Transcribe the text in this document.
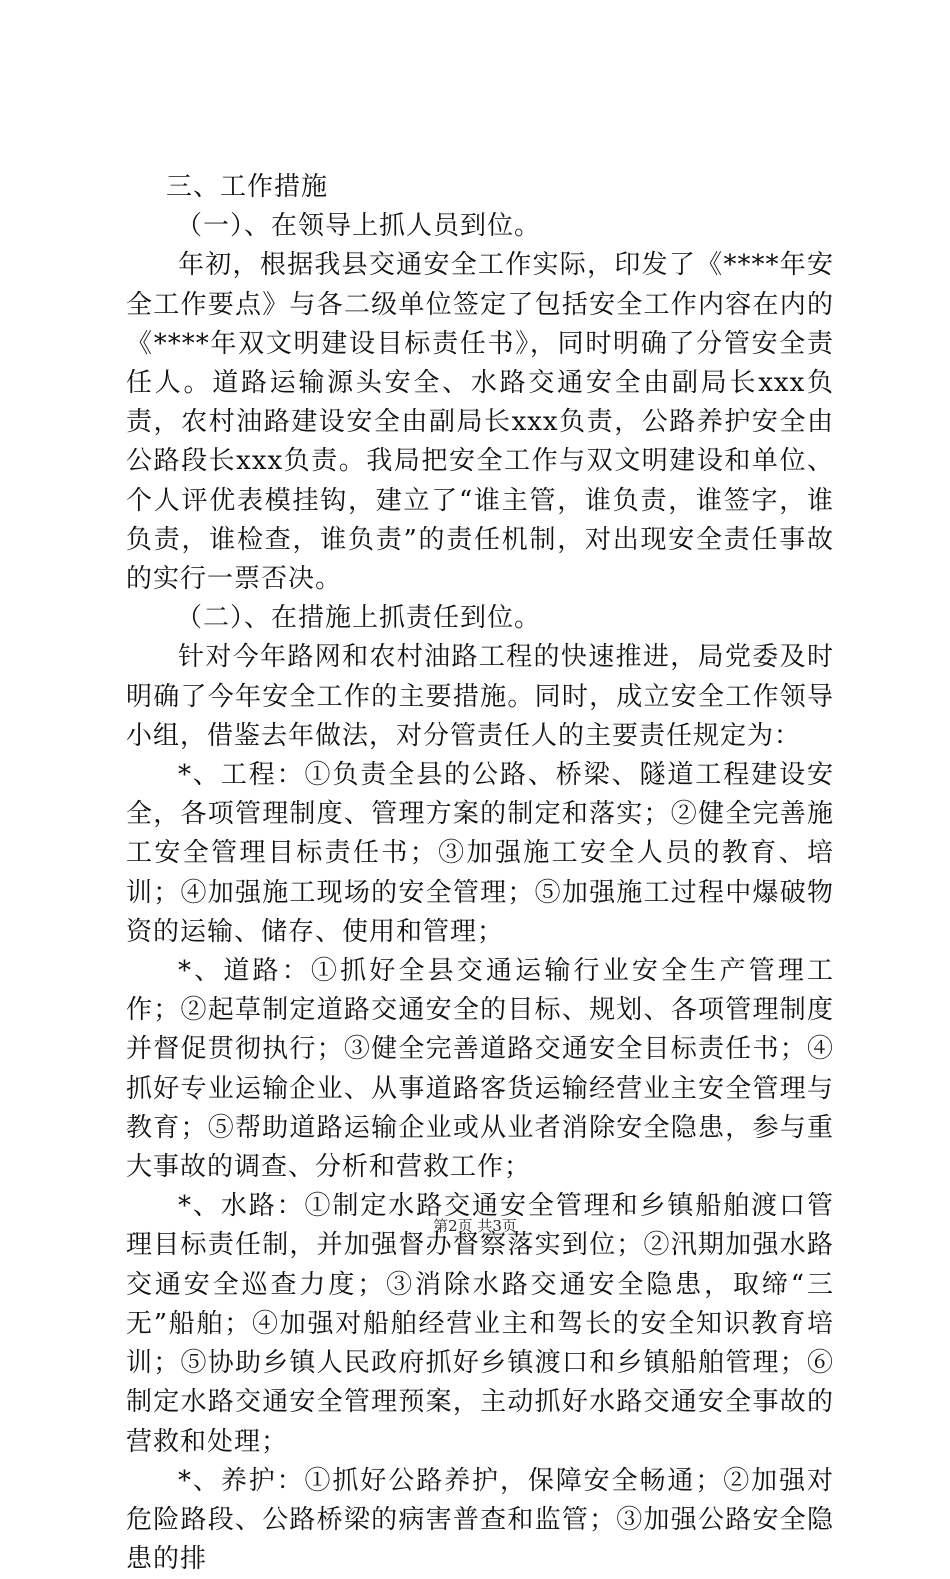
三、工作措施

（一）、在领导上抓人员到位。

年初，根据我县交通安全工作实际，印发了《****年安全工作要点》与各二级单位签定了包括安全工作内容在内的《****年双文明建设目标责任书》，同时明确了分管安全责任人。道路运输源头安全、水路交通安全由副局长xxx负责，农村油路建设安全由副局长xxx负责，公路养护安全由公路段长xxx负责。我局把安全工作与双文明建设和单位、个人评优表模挂钩，建立了“谁主管，谁负责，谁签字，谁负责，谁检查，谁负责”的责任机制，对出现安全责任事故的实行一票否决。

（二）、在措施上抓责任到位。

针对今年路网和农村油路工程的快速推进，局党委及时明确了今年安全工作的主要措施。同时，成立安全工作领导小组，借鉴去年做法，对分管责任人的主要责任规定为：

*、工程：①负责全县的公路、桥梁、隧道工程建设安全，各项管理制度、管理方案的制定和落实；②健全完善施工安全管理目标责任书；③加强施工安全人员的教育、培训；④加强施工现场的安全管理；⑤加强施工过程中爆破物资的运输、储存、使用和管理；

*、道路：①抓好全县交通运输行业安全生产管理工作；②起草制定道路交通安全的目标、规划、各项管理制度并督促贯彻执行；③健全完善道路交通安全目标责任书；④抓好专业运输企业、从事道路客货运输经营业主安全管理与教育；⑤帮助道路运输企业或从业者消除安全隐患，参与重大事故的调查、分析和营救工作；

*、水路：①制定水路交通安全管理和乡镇船舶渡口管理目标责任制，并加强督办督察落实到位；②汛期加强水路交通安全巡查力度；③消除水路交通安全隐患，取缔“三无”船舶；④加强对船舶经营业主和驾长的安全知识教育培训；⑤协助乡镇人民政府抓好乡镇渡口和乡镇船舶管理；⑥制定水路交通安全管理预案，主动抓好水路交通安全事故的营救和处理；

*、养护：①抓好公路养护，保障安全畅通；②加强对危险路段、公路桥梁的病害普查和监管；③加强公路安全隐患的排

第2页 共3页
